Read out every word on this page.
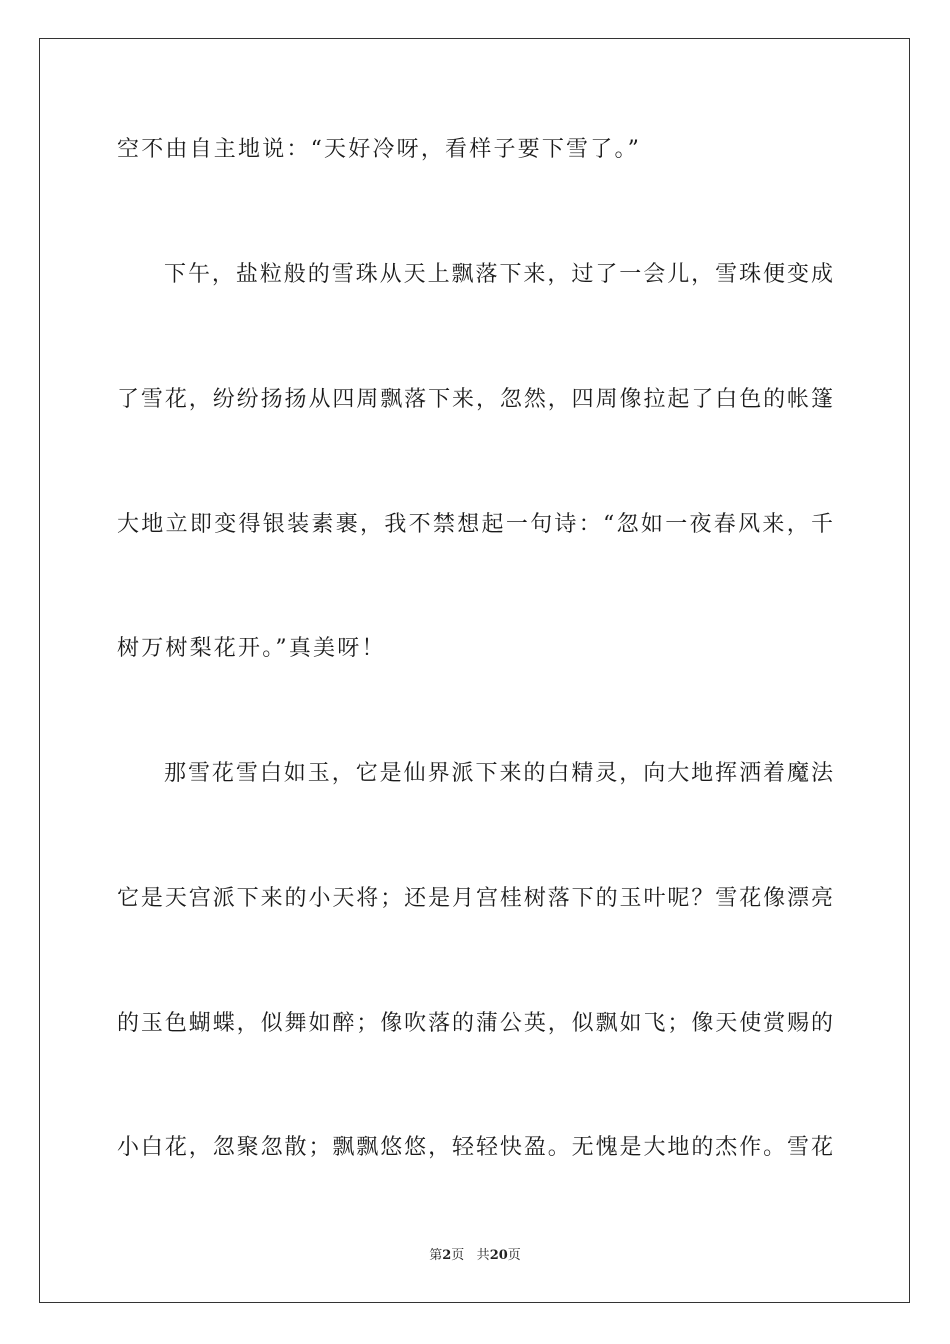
空不由自主地说：“天好冷呀，看样子要下雪了。”
下午，盐粒般的雪珠从天上飘落下来，过了一会儿，雪珠便变成
了雪花，纷纷扬扬从四周飘落下来，忽然，四周像拉起了白色的帐篷
大地立即变得银装素裹，我不禁想起一句诗：“忽如一夜春风来，千
树万树梨花开。”真美呀！
那雪花雪白如玉，它是仙界派下来的白精灵，向大地挥洒着魔法
它是天宫派下来的小天将；还是月宫桂树落下的玉叶呢？雪花像漂亮
的玉色蝴蝶，似舞如醉；像吹落的蒲公英，似飘如飞；像天使赏赐的
小白花，忽聚忽散；飘飘悠悠，轻轻快盈。无愧是大地的杰作。雪花
第2页 共20页
